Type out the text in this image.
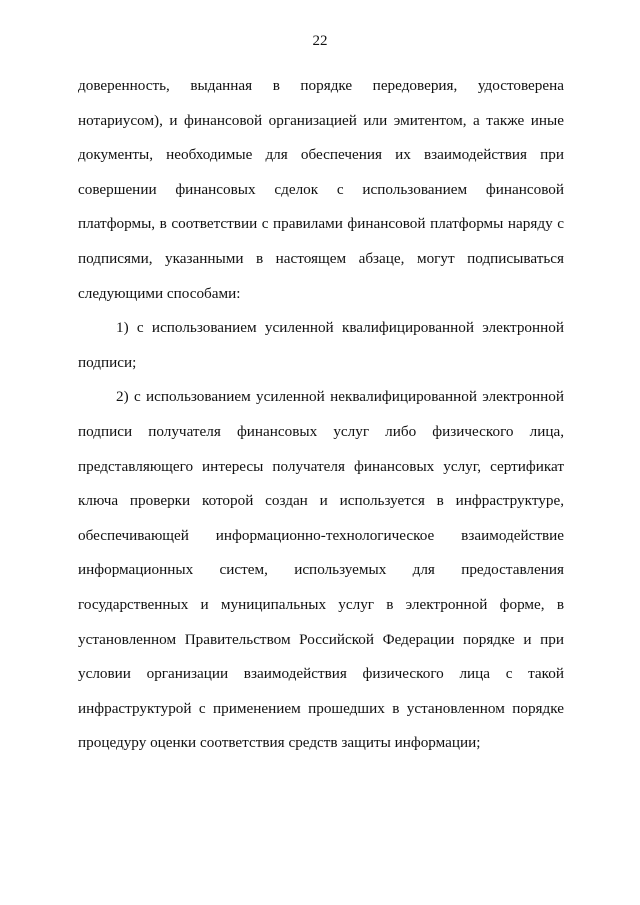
22
доверенность, выданная в порядке передоверия, удостоверена
нотариусом), и финансовой организацией или эмитентом, а также иные
документы, необходимые для обеспечения их взаимодействия при
совершении финансовых сделок с использованием финансовой
платформы, в соответствии с правилами финансовой платформы наряду с
подписями, указанными в настоящем абзаце, могут подписываться
следующими способами:
1) с использованием усиленной квалифицированной электронной
подписи;
2) с использованием усиленной неквалифицированной электронной
подписи получателя финансовых услуг либо физического лица,
представляющего интересы получателя финансовых услуг, сертификат
ключа проверки которой создан и используется в инфраструктуре,
обеспечивающей информационно-технологическое взаимодействие
информационных систем, используемых для предоставления
государственных и муниципальных услуг в электронной форме, в
установленном Правительством Российской Федерации порядке и при
условии организации взаимодействия физического лица с такой
инфраструктурой с применением прошедших в установленном порядке
процедуру оценки соответствия средств защиты информации;
